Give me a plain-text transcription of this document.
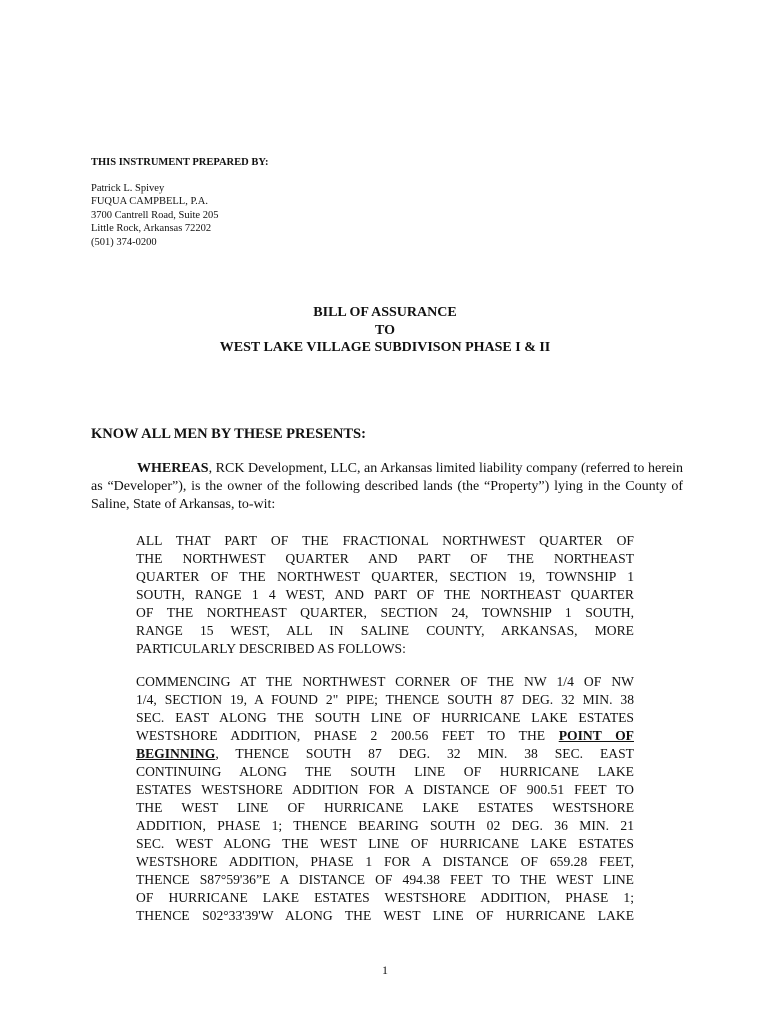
THIS INSTRUMENT PREPARED BY:
Patrick L. Spivey
FUQUA CAMPBELL, P.A.
3700 Cantrell Road, Suite 205
Little Rock, Arkansas 72202
(501) 374-0200
BILL OF ASSURANCE
TO
WEST LAKE VILLAGE SUBDIVISON PHASE I & II
KNOW ALL MEN BY THESE PRESENTS:
WHEREAS, RCK Development, LLC, an Arkansas limited liability company (referred to herein as “Developer”), is the owner of the following described lands (the “Property”) lying in the County of Saline, State of Arkansas, to-wit:
ALL THAT PART OF THE FRACTIONAL NORTHWEST QUARTER OF
THE NORTHWEST QUARTER AND PART OF THE NORTHEAST
QUARTER OF THE NORTHWEST QUARTER, SECTION 19, TOWNSHIP 1
SOUTH, RANGE 1 4 WEST, AND PART OF THE NORTHEAST QUARTER
OF THE NORTHEAST QUARTER, SECTION 24, TOWNSHIP 1 SOUTH,
RANGE 15 WEST, ALL IN SALINE COUNTY, ARKANSAS, MORE
PARTICULARLY DESCRIBED AS FOLLOWS:
COMMENCING AT THE NORTHWEST CORNER OF THE NW 1/4 OF NW
1/4, SECTION 19, A FOUND 2" PIPE; THENCE SOUTH 87 DEG. 32 MIN. 38
SEC. EAST ALONG THE SOUTH LINE OF HURRICANE LAKE ESTATES
WESTSHORE ADDITION, PHASE 2 200.56 FEET TO THE POINT OF
BEGINNING, THENCE SOUTH 87 DEG. 32 MIN. 38 SEC. EAST
CONTINUING ALONG THE SOUTH LINE OF HURRICANE LAKE
ESTATES WESTSHORE ADDITION FOR A DISTANCE OF 900.51 FEET TO
THE WEST LINE OF HURRICANE LAKE ESTATES WESTSHORE
ADDITION, PHASE 1; THENCE BEARING SOUTH 02 DEG. 36 MIN. 21
SEC. WEST ALONG THE WEST LINE OF HURRICANE LAKE ESTATES
WESTSHORE ADDITION, PHASE 1 FOR A DISTANCE OF 659.28 FEET,
THENCE S87°59'36”E A DISTANCE OF 494.38 FEET TO THE WEST LINE
OF HURRICANE LAKE ESTATES WESTSHORE ADDITION, PHASE 1;
THENCE S02°33'39'W ALONG THE WEST LINE OF HURRICANE LAKE
1
